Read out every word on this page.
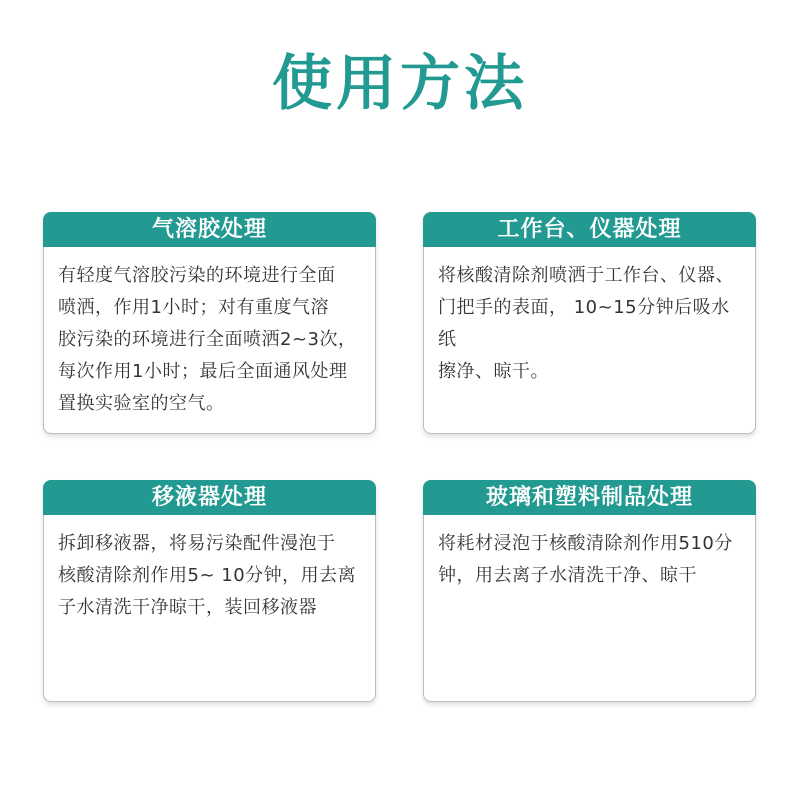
使用方法
气溶胶处理
有轻度气溶胶污染的环境进行全面
喷洒，作用1小时；对有重度气溶
胶污染的环境进行全面喷洒2~3次，
每次作用1小时；最后全面通风处理
置换实验室的空气。
工作台、仪器处理
将核酸清除剂喷洒于工作台、仪器、
门把手的表面， 10~15分钟后吸水纸
擦净、晾干。
移液器处理
拆卸移液器，将易污染配件漫泡于
核酸清除剂作用5~ 10分钟，用去离
子水清洗干净晾干，装回移液器
玻璃和塑料制品处理
将耗材浸泡于核酸清除剂作用510分
钟，用去离子水清洗干净、晾干
